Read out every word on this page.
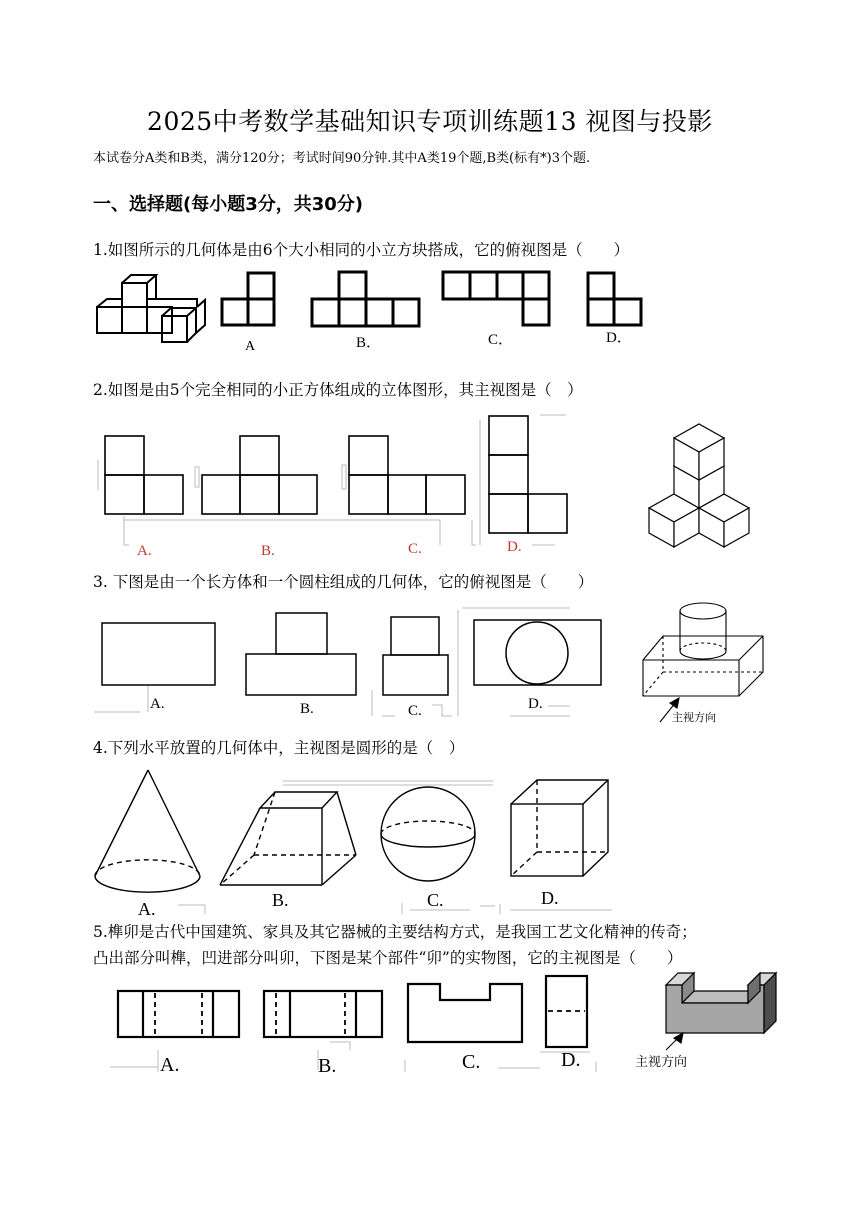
2025中考数学基础知识专项训练题13 视图与投影
本试卷分A类和B类，满分120分；考试时间90分钟.其中A类19个题,B类(标有*)3个题.
一、选择题(每小题3分，共30分)
1.如图所示的几何体是由6个大小相同的小立方块搭成，它的俯视图是（　　）
2.如图是由5个完全相同的小正方体组成的立体图形，其主视图是（　）
3. 下图是由一个长方体和一个圆柱组成的几何体，它的俯视图是（　　）
4.下列水平放置的几何体中，主视图是圆形的是（　）
5.榫卯是古代中国建筑、家具及其它器械的主要结构方式，是我国工艺文化精神的传奇；
凸出部分叫榫，凹进部分叫卯，下图是某个部件“卯”的实物图，它的主视图是（　　）
A	B．	C．	D．
A.	B.	C.	D.
A.	B.	C.	D.
主视方向
A.	B.	C.	D.
A.	B.	C.	D.	主视方向
